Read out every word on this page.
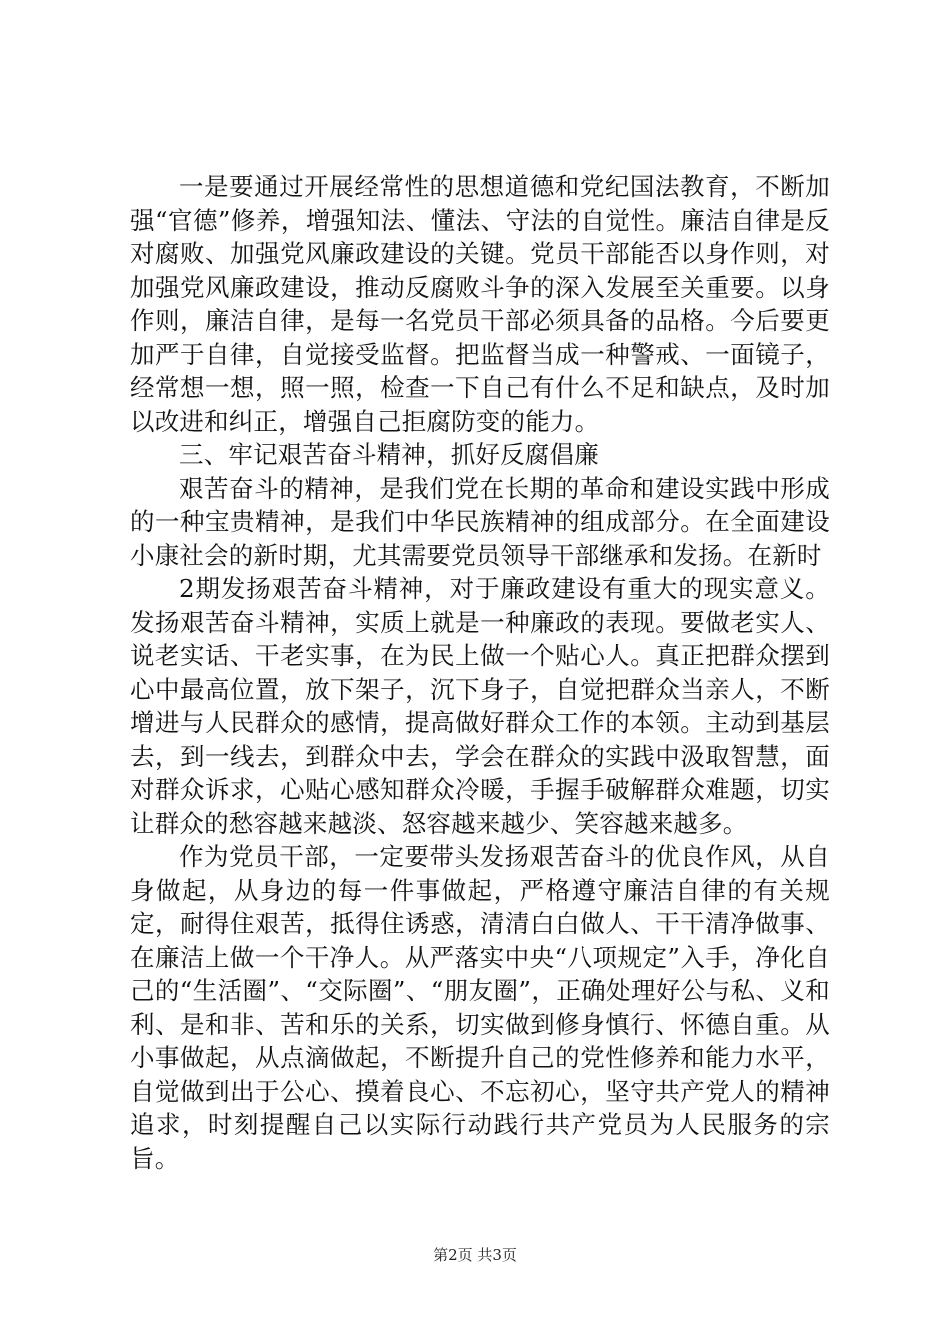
一是要通过开展经常性的思想道德和党纪国法教育，不断加强“官德”修养，增强知法、懂法、守法的自觉性。廉洁自律是反对腐败、加强党风廉政建设的关键。党员干部能否以身作则，对加强党风廉政建设，推动反腐败斗争的深入发展至关重要。以身作则，廉洁自律，是每一名党员干部必须具备的品格。今后要更加严于自律，自觉接受监督。把监督当成一种警戒、一面镜子，经常想一想，照一照，检查一下自己有什么不足和缺点，及时加以改进和纠正，增强自己拒腐防变的能力。

三、牢记艰苦奋斗精神，抓好反腐倡廉

艰苦奋斗的精神，是我们党在长期的革命和建设实践中形成的一种宝贵精神，是我们中华民族精神的组成部分。在全面建设小康社会的新时期，尤其需要党员领导干部继承和发扬。在新时

2期发扬艰苦奋斗精神，对于廉政建设有重大的现实意义。发扬艰苦奋斗精神，实质上就是一种廉政的表现。要做老实人、说老实话、干老实事，在为民上做一个贴心人。真正把群众摆到心中最高位置，放下架子，沉下身子，自觉把群众当亲人，不断增进与人民群众的感情，提高做好群众工作的本领。主动到基层去，到一线去，到群众中去，学会在群众的实践中汲取智慧，面对群众诉求，心贴心感知群众冷暖，手握手破解群众难题，切实让群众的愁容越来越淡、怒容越来越少、笑容越来越多。

作为党员干部，一定要带头发扬艰苦奋斗的优良作风，从自身做起，从身边的每一件事做起，严格遵守廉洁自律的有关规定，耐得住艰苦，抵得住诱惑，清清白白做人、干干清净做事、在廉洁上做一个干净人。从严落实中央“八项规定”入手，净化自己的“生活圈”、“交际圈”、“朋友圈”，正确处理好公与私、义和利、是和非、苦和乐的关系，切实做到修身慎行、怀德自重。从小事做起，从点滴做起，不断提升自己的党性修养和能力水平，自觉做到出于公心、摸着良心、不忘初心，坚守共产党人的精神追求，时刻提醒自己以实际行动践行共产党员为人民服务的宗旨。

第2页 共3页
